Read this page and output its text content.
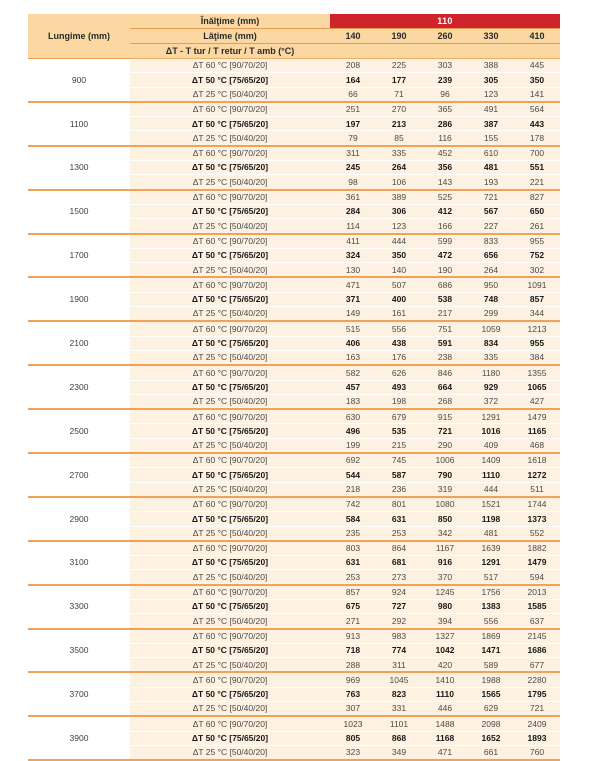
Lungime (mm)	Înălţime (mm)	110				
	Lăţime (mm)	140	190	260	330	410
	ΔT - T tur / T retur / T amb (°C)					
900	ΔT 60 °C [90/70/20]	208	225	303	388	445
	ΔT 50 °C [75/65/20]	164	177	239	305	350
	ΔT 25 °C [50/40/20]	66	71	96	123	141
1100	ΔT 60 °C [90/70/20]	251	270	365	491	564
	ΔT 50 °C [75/65/20]	197	213	286	387	443
	ΔT 25 °C [50/40/20]	79	85	116	155	178
1300	ΔT 60 °C [90/70/20]	311	335	452	610	700
	ΔT 50 °C [75/65/20]	245	264	356	481	551
	ΔT 25 °C [50/40/20]	98	106	143	193	221
1500	ΔT 60 °C [90/70/20]	361	389	525	721	827
	ΔT 50 °C [75/65/20]	284	306	412	567	650
	ΔT 25 °C [50/40/20]	114	123	166	227	261
1700	ΔT 60 °C [90/70/20]	411	444	599	833	955
	ΔT 50 °C [75/65/20]	324	350	472	656	752
	ΔT 25 °C [50/40/20]	130	140	190	264	302
1900	ΔT 60 °C [90/70/20]	471	507	686	950	1091
	ΔT 50 °C [75/65/20]	371	400	538	748	857
	ΔT 25 °C [50/40/20]	149	161	217	299	344
2100	ΔT 60 °C [90/70/20]	515	556	751	1059	1213
	ΔT 50 °C [75/65/20]	406	438	591	834	955
	ΔT 25 °C [50/40/20]	163	176	238	335	384
2300	ΔT 60 °C [90/70/20]	582	626	846	1180	1355
	ΔT 50 °C [75/65/20]	457	493	664	929	1065
	ΔT 25 °C [50/40/20]	183	198	268	372	427
2500	ΔT 60 °C [90/70/20]	630	679	915	1291	1479
	ΔT 50 °C [75/65/20]	496	535	721	1016	1165
	ΔT 25 °C [50/40/20]	199	215	290	409	468
2700	ΔT 60 °C [90/70/20]	692	745	1006	1409	1618
	ΔT 50 °C [75/65/20]	544	587	790	1110	1272
	ΔT 25 °C [50/40/20]	218	236	319	444	511
2900	ΔT 60 °C [90/70/20]	742	801	1080	1521	1744
	ΔT 50 °C [75/65/20]	584	631	850	1198	1373
	ΔT 25 °C [50/40/20]	235	253	342	481	552
3100	ΔT 60 °C [90/70/20]	803	864	1167	1639	1882
	ΔT 50 °C [75/65/20]	631	681	916	1291	1479
	ΔT 25 °C [50/40/20]	253	273	370	517	594
3300	ΔT 60 °C [90/70/20]	857	924	1245	1756	2013
	ΔT 50 °C [75/65/20]	675	727	980	1383	1585
	ΔT 25 °C [50/40/20]	271	292	394	556	637
3500	ΔT 60 °C [90/70/20]	913	983	1327	1869	2145
	ΔT 50 °C [75/65/20]	718	774	1042	1471	1686
	ΔT 25 °C [50/40/20]	288	311	420	589	677
3700	ΔT 60 °C [90/70/20]	969	1045	1410	1988	2280
	ΔT 50 °C [75/65/20]	763	823	1110	1565	1795
	ΔT 25 °C [50/40/20]	307	331	446	629	721
3900	ΔT 60 °C [90/70/20]	1023	1101	1488	2098	2409
	ΔT 50 °C [75/65/20]	805	868	1168	1652	1893
	ΔT 25 °C [50/40/20]	323	349	471	661	760
